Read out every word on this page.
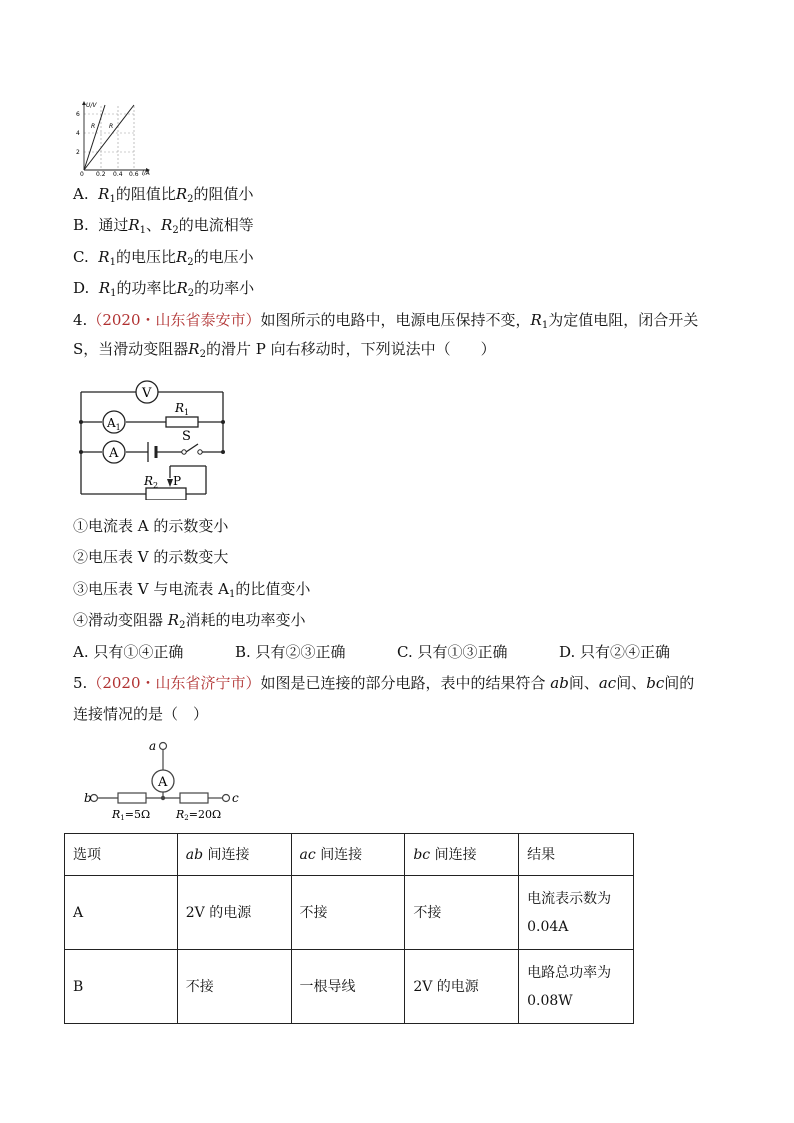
U/V
I/A
6
4
2
0 0.2 0.4 0.6
R R
A. $R_1$的阻值比$R_2$的阻值小
B. 通过$R_1$、$R_2$的电流相等
C. $R_1$的电压比$R_2$的电压小
D. $R_1$的功率比$R_2$的功率小
4.（2020・山东省泰安市）如图所示的电路中，电源电压保持不变，$R_1$为定值电阻，闭合开关
S，当滑动变阻器$R_2$的滑片 P 向右移动时，下列说法中（　　）
V
$A_1$
$R_1$
A
S
$R_2$ P
①电流表 A 的示数变小
②电压表 V 的示数变大
③电压表 V 与电流表 $A_1$的比值变小
④滑动变阻器 $R_2$消耗的电功率变小
A. 只有①④正确	B. 只有②③正确	C. 只有①③正确	D. 只有②④正确
5.（2020・山东省济宁市）如图是已连接的部分电路，表中的结果符合 ab间、ac间、bc间的
连接情况的是（　）
A
a
b	c
R1=5Ω R2=20Ω
选项	ab 间连接	ac 间连接	bc 间连接	结果
A	2V 的电源	不接	不接	电流表示数为
0.04A
B	不接	一根导线	2V 的电源	电路总功率为
0.08W
